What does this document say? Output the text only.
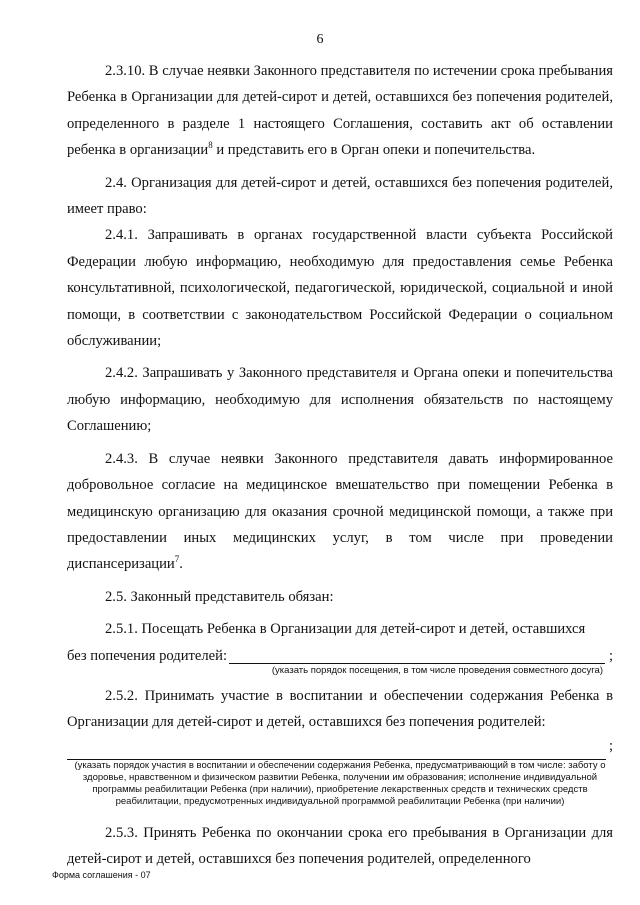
6

2.3.10. В случае неявки Законного представителя по истечении срока пребывания Ребенка в Организации для детей-сирот и детей, оставшихся без попечения родителей, определенного в разделе 1 настоящего Соглашения, составить акт об оставлении ребенка в организации$^8$ и представить его в Орган опеки и попечительства.

2.4. Организация для детей-сирот и детей, оставшихся без попечения родителей, имеет право:

2.4.1. Запрашивать в органах государственной власти субъекта Российской Федерации любую информацию, необходимую для предоставления семье Ребенка консультативной, психологической, педагогической, юридической, социальной и иной помощи, в соответствии с законодательством Российской Федерации о социальном обслуживании;

2.4.2. Запрашивать у Законного представителя и Органа опеки и попечительства любую информацию, необходимую для исполнения обязательств по настоящему Соглашению;

2.4.3. В случае неявки Законного представителя давать информированное добровольное согласие на медицинское вмешательство при помещении Ребенка в медицинскую организацию для оказания срочной медицинской помощи, а также при предоставлении иных медицинских услуг, в том числе при проведении диспансеризации$^7$.

2.5. Законный представитель обязан:

2.5.1. Посещать Ребенка в Организации для детей-сирот и детей, оставшихся

без попечения родителей:	;
(указать порядок посещения, в том числе проведения совместного досуга)

2.5.2. Принимать участие в воспитании и обеспечении содержания Ребенка в Организации для детей-сирот и детей, оставшихся без попечения родителей:

;
(указать порядок участия в воспитании и обеспечении содержания Ребенка, предусматривающий в том числе: заботу о здоровье, нравственном и физическом развитии Ребенка, получении им образования; исполнение индивидуальной программы реабилитации Ребенка (при наличии), приобретение лекарственных средств и технических средств реабилитации, предусмотренных индивидуальной программой реабилитации Ребенка (при наличии)

2.5.3. Принять Ребенка по окончании срока его пребывания в Организации для детей-сирот и детей, оставшихся без попечения родителей, определенного

Форма соглашения - 07
